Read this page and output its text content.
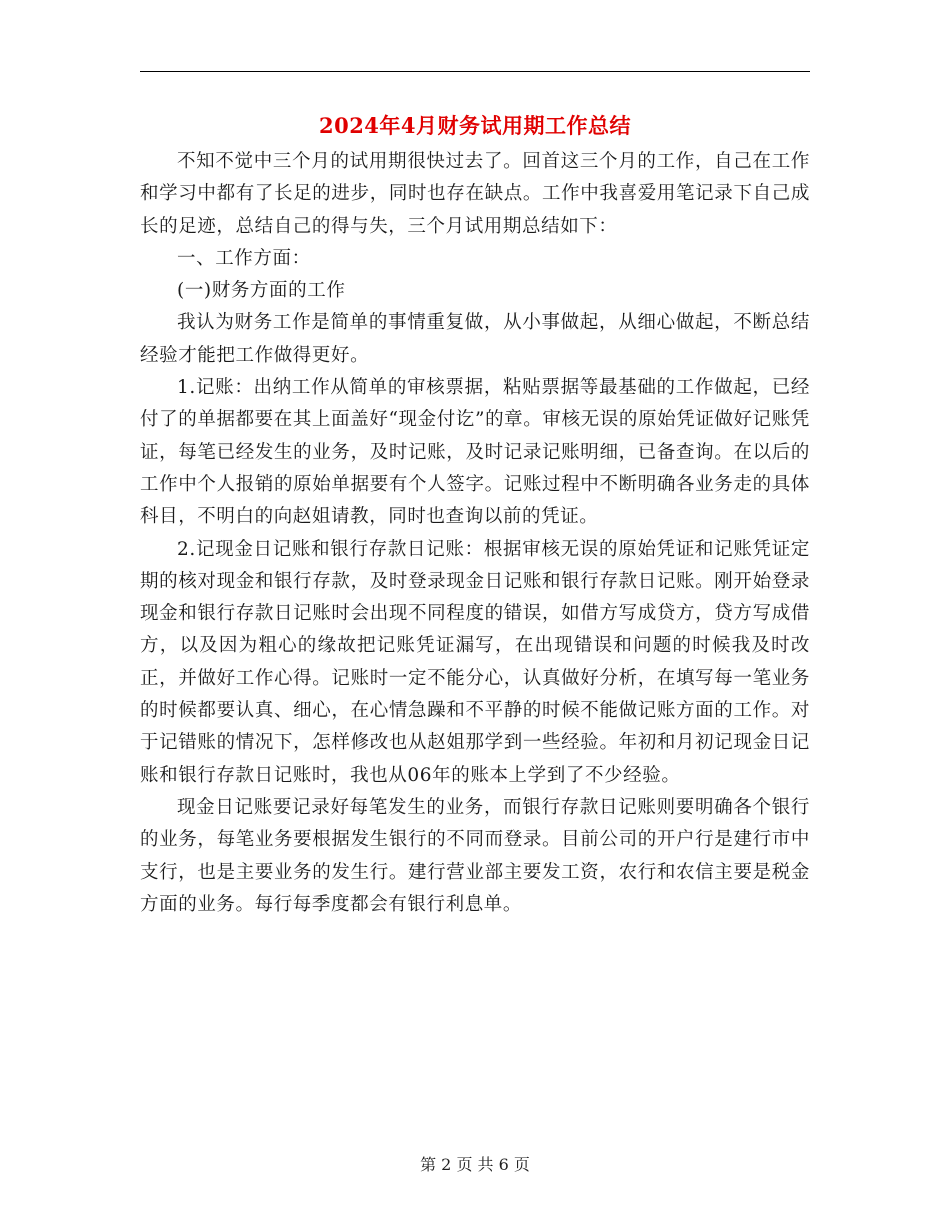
2024年4月财务试用期工作总结

不知不觉中三个月的试用期很快过去了。回首这三个月的工作，自己在工作和学习中都有了长足的进步，同时也存在缺点。工作中我喜爱用笔记录下自己成长的足迹，总结自己的得与失，三个月试用期总结如下：

一、工作方面：

(一)财务方面的工作

我认为财务工作是简单的事情重复做，从小事做起，从细心做起，不断总结经验才能把工作做得更好。

1.记账：出纳工作从简单的审核票据，粘贴票据等最基础的工作做起，已经付了的单据都要在其上面盖好“现金付讫”的章。审核无误的原始凭证做好记账凭证，每笔已经发生的业务，及时记账，及时记录记账明细，已备查询。在以后的工作中个人报销的原始单据要有个人签字。记账过程中不断明确各业务走的具体科目，不明白的向赵姐请教，同时也查询以前的凭证。

2.记现金日记账和银行存款日记账：根据审核无误的原始凭证和记账凭证定期的核对现金和银行存款，及时登录现金日记账和银行存款日记账。刚开始登录现金和银行存款日记账时会出现不同程度的错误，如借方写成贷方，贷方写成借方，以及因为粗心的缘故把记账凭证漏写，在出现错误和问题的时候我及时改正，并做好工作心得。记账时一定不能分心，认真做好分析，在填写每一笔业务的时候都要认真、细心，在心情急躁和不平静的时候不能做记账方面的工作。对于记错账的情况下，怎样修改也从赵姐那学到一些经验。年初和月初记现金日记账和银行存款日记账时，我也从06年的账本上学到了不少经验。

现金日记账要记录好每笔发生的业务，而银行存款日记账则要明确各个银行的业务，每笔业务要根据发生银行的不同而登录。目前公司的开户行是建行市中支行，也是主要业务的发生行。建行营业部主要发工资，农行和农信主要是税金方面的业务。每行每季度都会有银行利息单。

第 2 页 共 6 页
